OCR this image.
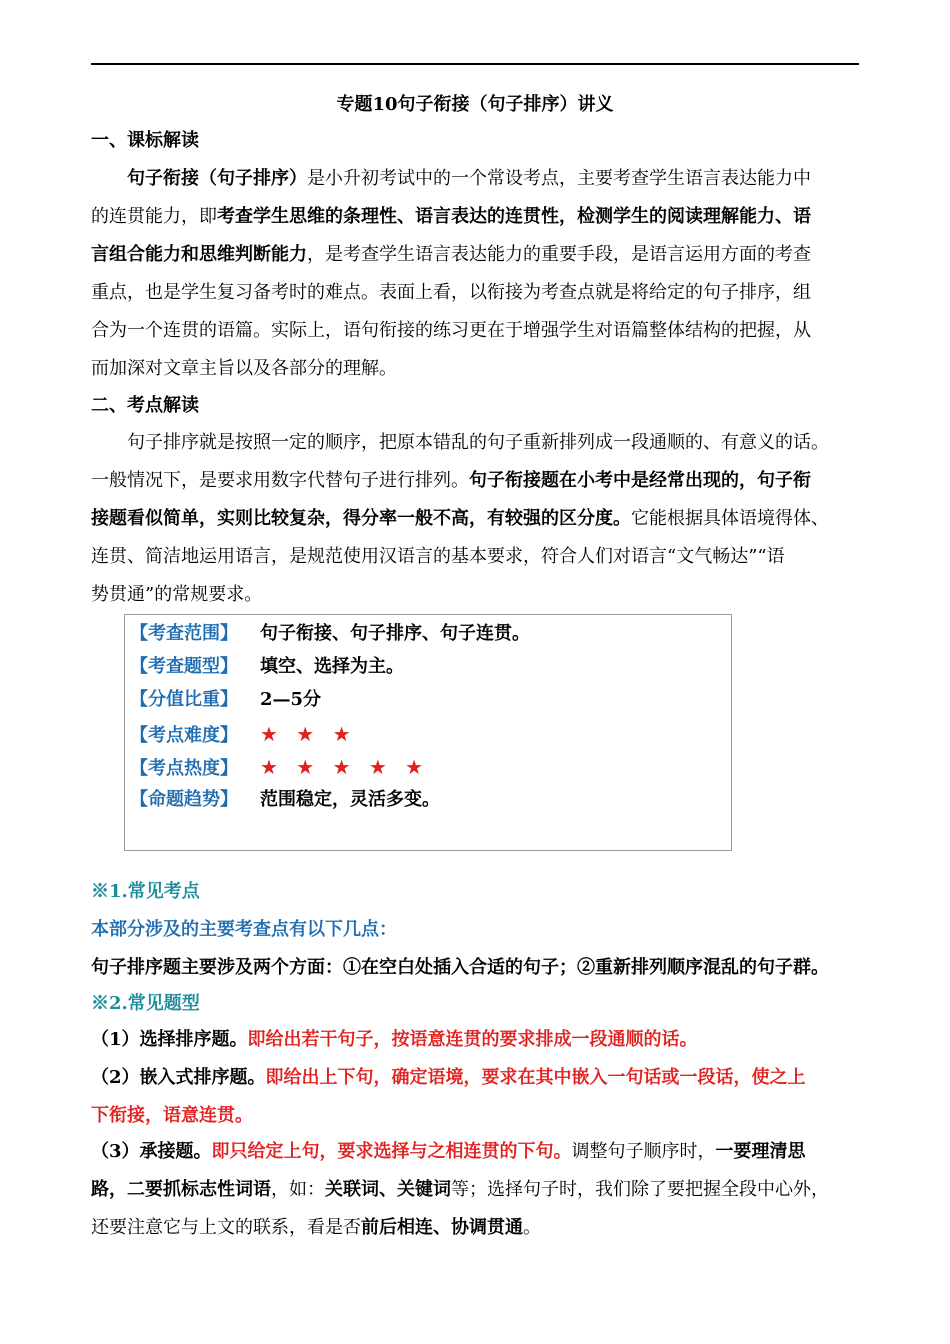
专题10句子衔接（句子排序）讲义
一、课标解读
　　句子衔接（句子排序）是小升初考试中的一个常设考点，主要考查学生语言表达能力中
的连贯能力，即考查学生思维的条理性、语言表达的连贯性，检测学生的阅读理解能力、语
言组合能力和思维判断能力，是考查学生语言表达能力的重要手段，是语言运用方面的考查
重点，也是学生复习备考时的难点。表面上看，以衔接为考查点就是将给定的句子排序，组
合为一个连贯的语篇。实际上，语句衔接的练习更在于增强学生对语篇整体结构的把握，从
而加深对文章主旨以及各部分的理解。
二、考点解读
　　句子排序就是按照一定的顺序，把原本错乱的句子重新排列成一段通顺的、有意义的话。
一般情况下，是要求用数字代替句子进行排列。句子衔接题在小考中是经常出现的，句子衔
接题看似简单，实则比较复杂，得分率一般不高，有较强的区分度。它能根据具体语境得体、
连贯、简洁地运用语言，是规范使用汉语言的基本要求，符合人们对语言“文气畅达”“语
势贯通”的常规要求。
【考查范围】 句子衔接、句子排序、句子连贯。
【考查题型】 填空、选择为主。
【分值比重】 2—5分
【考点难度】 ★ ★ ★
【考点热度】 ★ ★ ★ ★ ★
【命题趋势】 范围稳定，灵活多变。
※1.常见考点
本部分涉及的主要考查点有以下几点：
句子排序题主要涉及两个方面：①在空白处插入合适的句子；②重新排列顺序混乱的句子群。
※2.常见题型
（1）选择排序题。即给出若干句子，按语意连贯的要求排成一段通顺的话。
（2）嵌入式排序题。即给出上下句，确定语境，要求在其中嵌入一句话或一段话，使之上
下衔接，语意连贯。
（3）承接题。即只给定上句，要求选择与之相连贯的下句。调整句子顺序时，一要理清思
路，二要抓标志性词语，如：关联词、关键词等；选择句子时，我们除了要把握全段中心外，
还要注意它与上文的联系，看是否前后相连、协调贯通。
